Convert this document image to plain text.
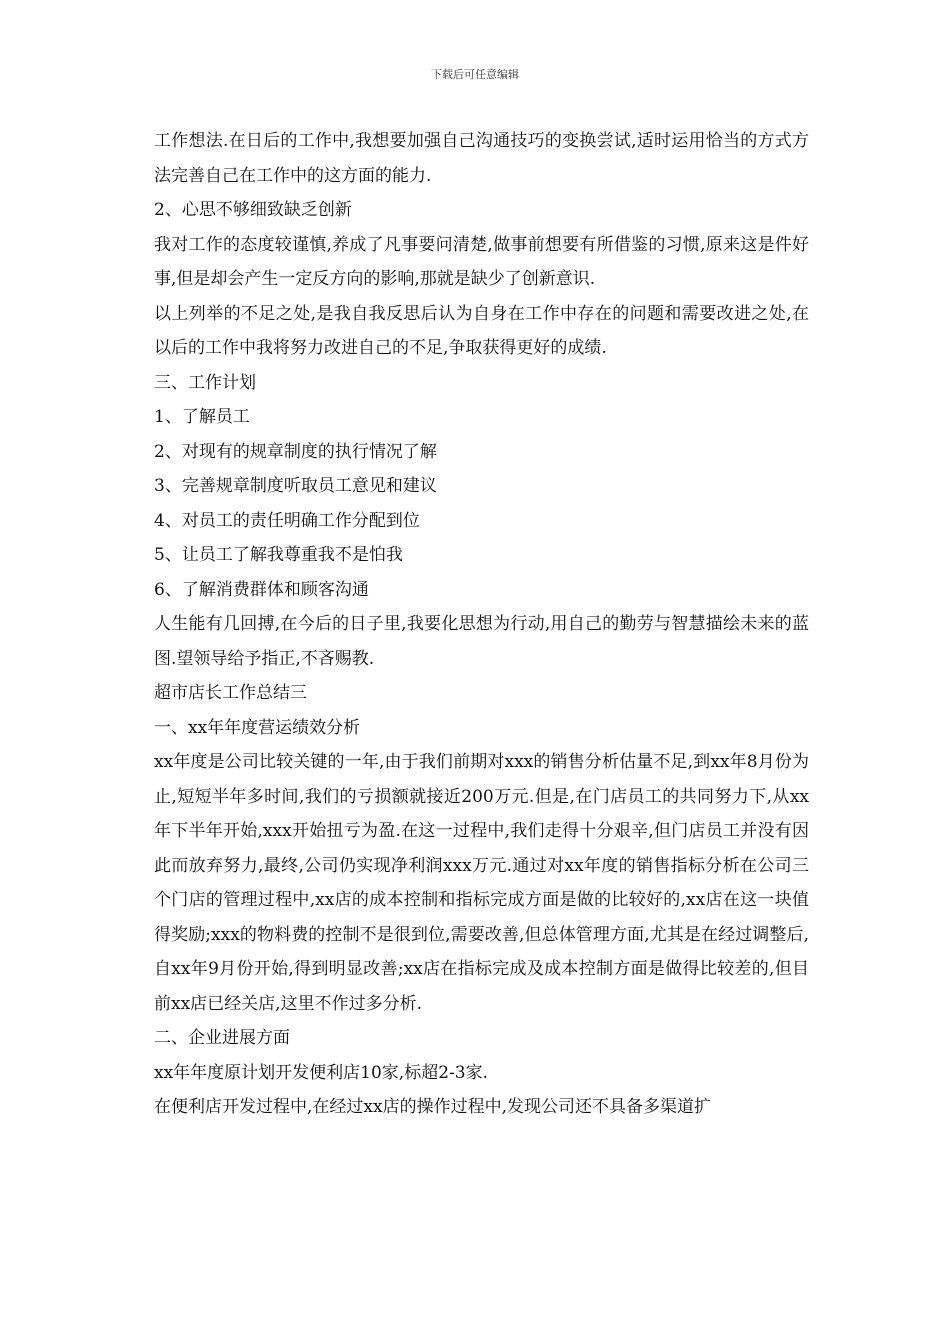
下载后可任意编辑

工作想法.在日后的工作中,我想要加强自己沟通技巧的变换尝试,适时运用恰当的方式方法完善自己在工作中的这方面的能力.

2、心思不够细致缺乏创新

我对工作的态度较谨慎,养成了凡事要问清楚,做事前想要有所借鉴的习惯,原来这是件好事,但是却会产生一定反方向的影响,那就是缺少了创新意识.

以上列举的不足之处,是我自我反思后认为自身在工作中存在的问题和需要改进之处,在以后的工作中我将努力改进自己的不足,争取获得更好的成绩.

三、工作计划

1、了解员工

2、对现有的规章制度的执行情况了解

3、完善规章制度听取员工意见和建议

4、对员工的责任明确工作分配到位

5、让员工了解我尊重我不是怕我

6、了解消费群体和顾客沟通

人生能有几回搏,在今后的日子里,我要化思想为行动,用自己的勤劳与智慧描绘未来的蓝图.望领导给予指正,不吝赐教.

超市店长工作总结三

一、xx年年度营运绩效分析

xx年度是公司比较关键的一年,由于我们前期对xxx的销售分析估量不足,到xx年8月份为止,短短半年多时间,我们的亏损额就接近200万元.但是,在门店员工的共同努力下,从xx年下半年开始,xxx开始扭亏为盈.在这一过程中,我们走得十分艰辛,但门店员工并没有因此而放弃努力,最终,公司仍实现净利润xxx万元.通过对xx年度的销售指标分析在公司三个门店的管理过程中,xx店的成本控制和指标完成方面是做的比较好的,xx店在这一块值得奖励;xxx的物料费的控制不是很到位,需要改善,但总体管理方面,尤其是在经过调整后,自xx年9月份开始,得到明显改善;xx店在指标完成及成本控制方面是做得比较差的,但目前xx店已经关店,这里不作过多分析.

二、企业进展方面

xx年年度原计划开发便利店10家,标超2-3家.

在便利店开发过程中,在经过xx店的操作过程中,发现公司还不具备多渠道扩
